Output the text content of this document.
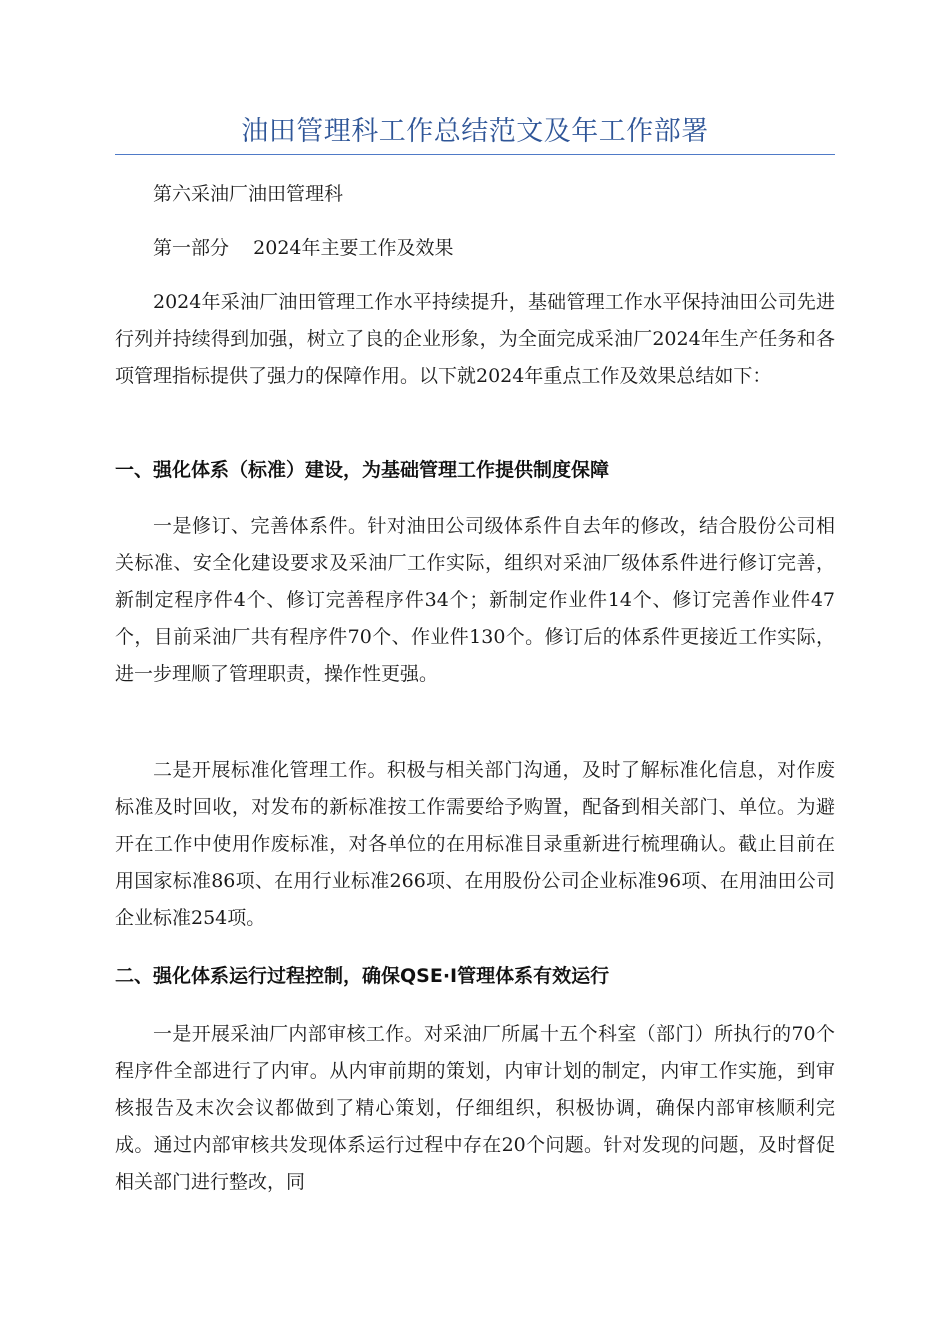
油田管理科工作总结范文及年工作部署

第六采油厂油田管理科

第一部分    2024年主要工作及效果

2024年采油厂油田管理工作水平持续提升，基础管理工作水平保持油田公司先进行列并持续得到加强，树立了良的企业形象，为全面完成采油厂2024年生产任务和各项管理指标提供了强力的保障作用。以下就2024年重点工作及效果总结如下：

一、强化体系（标准）建设，为基础管理工作提供制度保障

一是修订、完善体系件。针对油田公司级体系件自去年的修改，结合股份公司相关标准、安全化建设要求及采油厂工作实际，组织对采油厂级体系件进行修订完善，新制定程序件4个、修订完善程序件34个；新制定作业件14个、修订完善作业件47个，目前采油厂共有程序件70个、作业件130个。修订后的体系件更接近工作实际，进一步理顺了管理职责，操作性更强。

二是开展标准化管理工作。积极与相关部门沟通，及时了解标准化信息，对作废标准及时回收，对发布的新标准按工作需要给予购置，配备到相关部门、单位。为避开在工作中使用作废标准，对各单位的在用标准目录重新进行梳理确认。截止目前在用国家标准86项、在用行业标准266项、在用股份公司企业标准96项、在用油田公司企业标准254项。

二、强化体系运行过程控制，确保QSE·I管理体系有效运行

一是开展采油厂内部审核工作。对采油厂所属十五个科室（部门）所执行的70个程序件全部进行了内审。从内审前期的策划，内审计划的制定，内审工作实施，到审核报告及末次会议都做到了精心策划，仔细组织，积极协调，确保内部审核顺利完成。通过内部审核共发现体系运行过程中存在20个问题。针对发现的问题，及时督促相关部门进行整改，同
